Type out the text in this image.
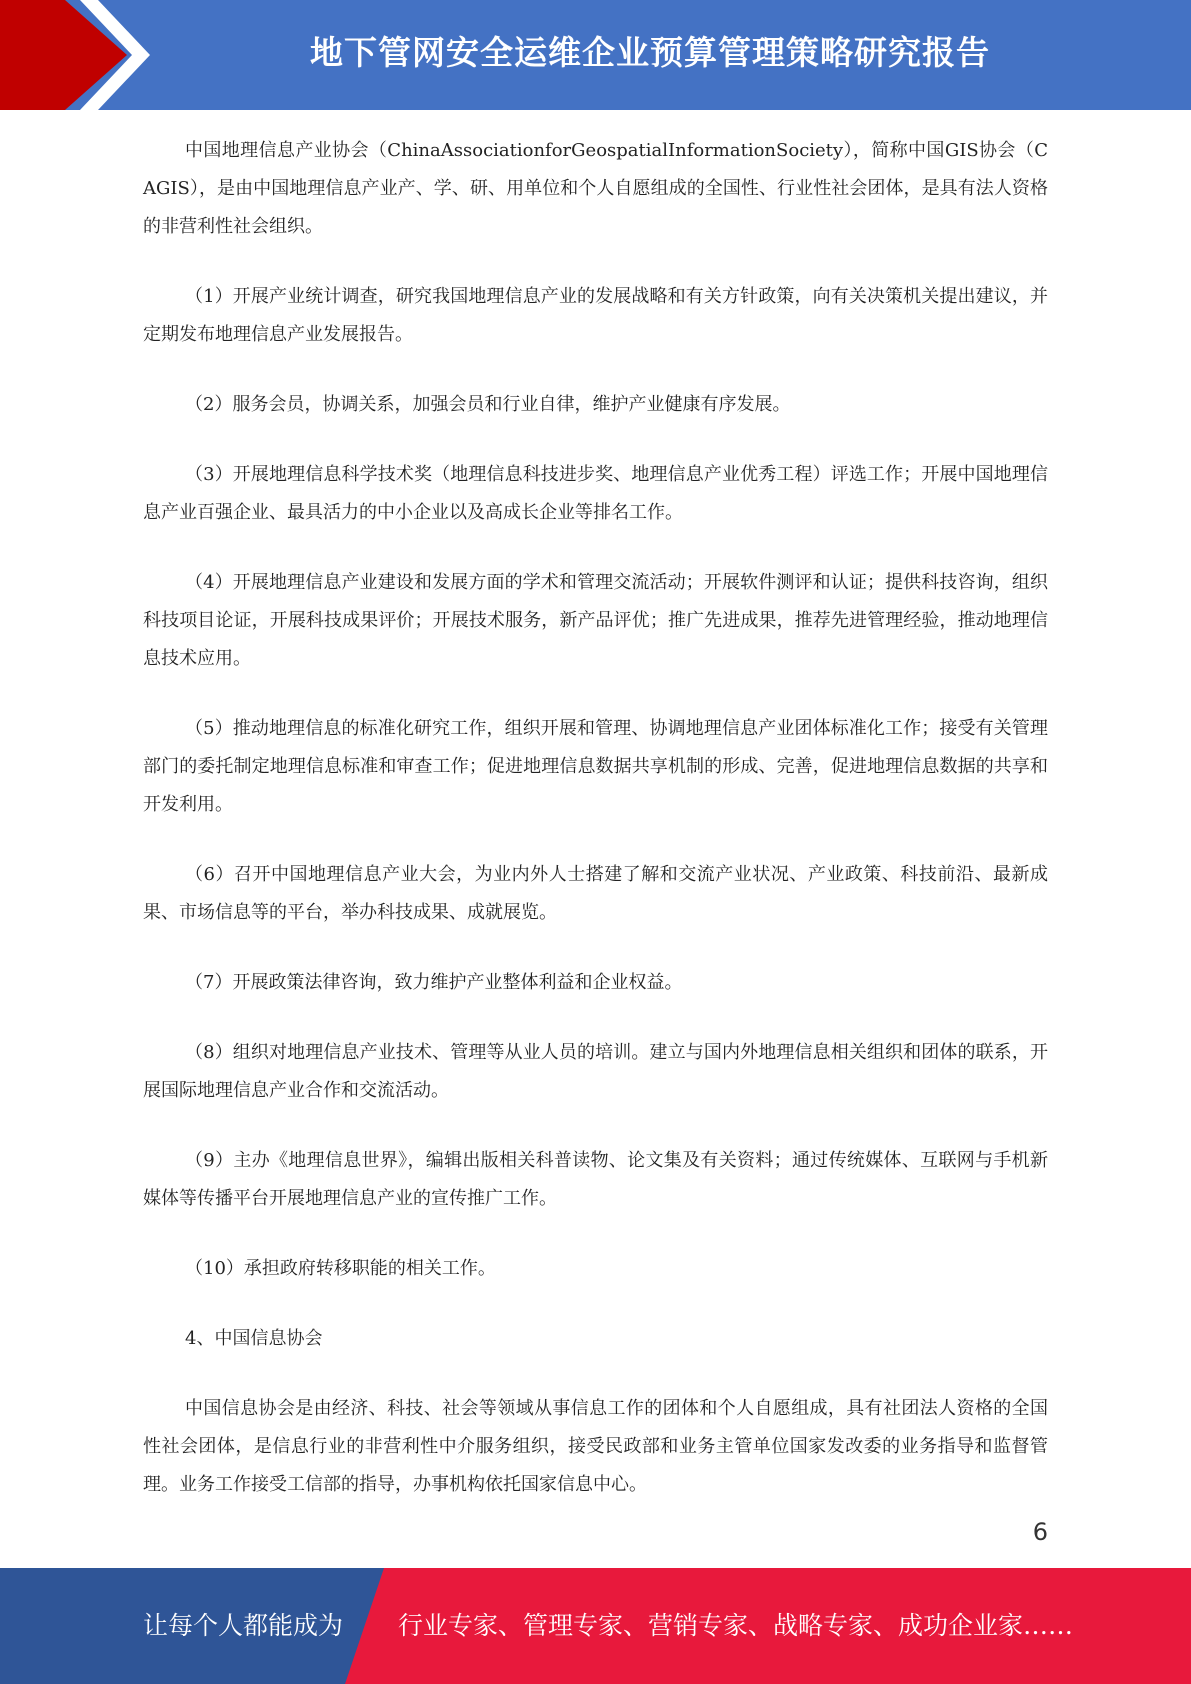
地下管网安全运维企业预算管理策略研究报告

中国地理信息产业协会（ChinaAssociationforGeospatialInformationSociety），简称中国GIS协会（CAGIS），是由中国地理信息产业产、学、研、用单位和个人自愿组成的全国性、行业性社会团体，是具有法人资格的非营利性社会组织。

（1）开展产业统计调查，研究我国地理信息产业的发展战略和有关方针政策，向有关决策机关提出建议，并定期发布地理信息产业发展报告。

（2）服务会员，协调关系，加强会员和行业自律，维护产业健康有序发展。

（3）开展地理信息科学技术奖（地理信息科技进步奖、地理信息产业优秀工程）评选工作；开展中国地理信息产业百强企业、最具活力的中小企业以及高成长企业等排名工作。

（4）开展地理信息产业建设和发展方面的学术和管理交流活动；开展软件测评和认证；提供科技咨询，组织科技项目论证，开展科技成果评价；开展技术服务，新产品评优；推广先进成果，推荐先进管理经验，推动地理信息技术应用。

（5）推动地理信息的标准化研究工作，组织开展和管理、协调地理信息产业团体标准化工作；接受有关管理部门的委托制定地理信息标准和审查工作；促进地理信息数据共享机制的形成、完善，促进地理信息数据的共享和开发利用。

（6）召开中国地理信息产业大会，为业内外人士搭建了解和交流产业状况、产业政策、科技前沿、最新成果、市场信息等的平台，举办科技成果、成就展览。

（7）开展政策法律咨询，致力维护产业整体利益和企业权益。

（8）组织对地理信息产业技术、管理等从业人员的培训。建立与国内外地理信息相关组织和团体的联系，开展国际地理信息产业合作和交流活动。

（9）主办《地理信息世界》，编辑出版相关科普读物、论文集及有关资料；通过传统媒体、互联网与手机新媒体等传播平台开展地理信息产业的宣传推广工作。

（10）承担政府转移职能的相关工作。

4、中国信息协会

中国信息协会是由经济、科技、社会等领域从事信息工作的团体和个人自愿组成，具有社团法人资格的全国性社会团体，是信息行业的非营利性中介服务组织，接受民政部和业务主管单位国家发改委的业务指导和监督管理。业务工作接受工信部的指导，办事机构依托国家信息中心。

6
让每个人都能成为 行业专家、管理专家、营销专家、战略专家、成功企业家……
